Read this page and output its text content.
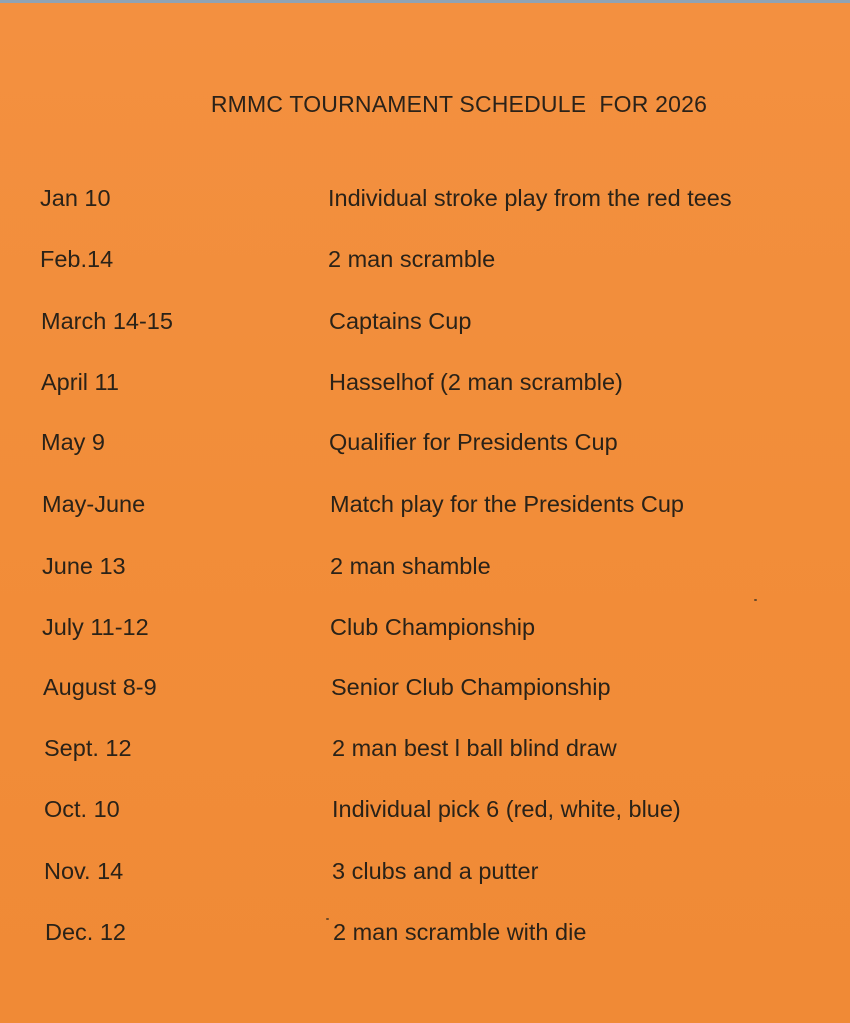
RMMC TOURNAMENT SCHEDULE  FOR 2026
Jan 10	Individual stroke play from the red tees
Feb.14	2 man scramble
March 14-15	Captains Cup
April 11	Hasselhof (2 man scramble)
May 9	Qualifier for Presidents Cup
May-June	Match play for the Presidents Cup
June 13	2 man shamble
July 11-12	Club Championship
August 8-9	Senior Club Championship
Sept. 12	2 man best l ball blind draw
Oct. 10	Individual pick 6 (red, white, blue)
Nov. 14	3 clubs and a putter
Dec. 12	2 man scramble with die
